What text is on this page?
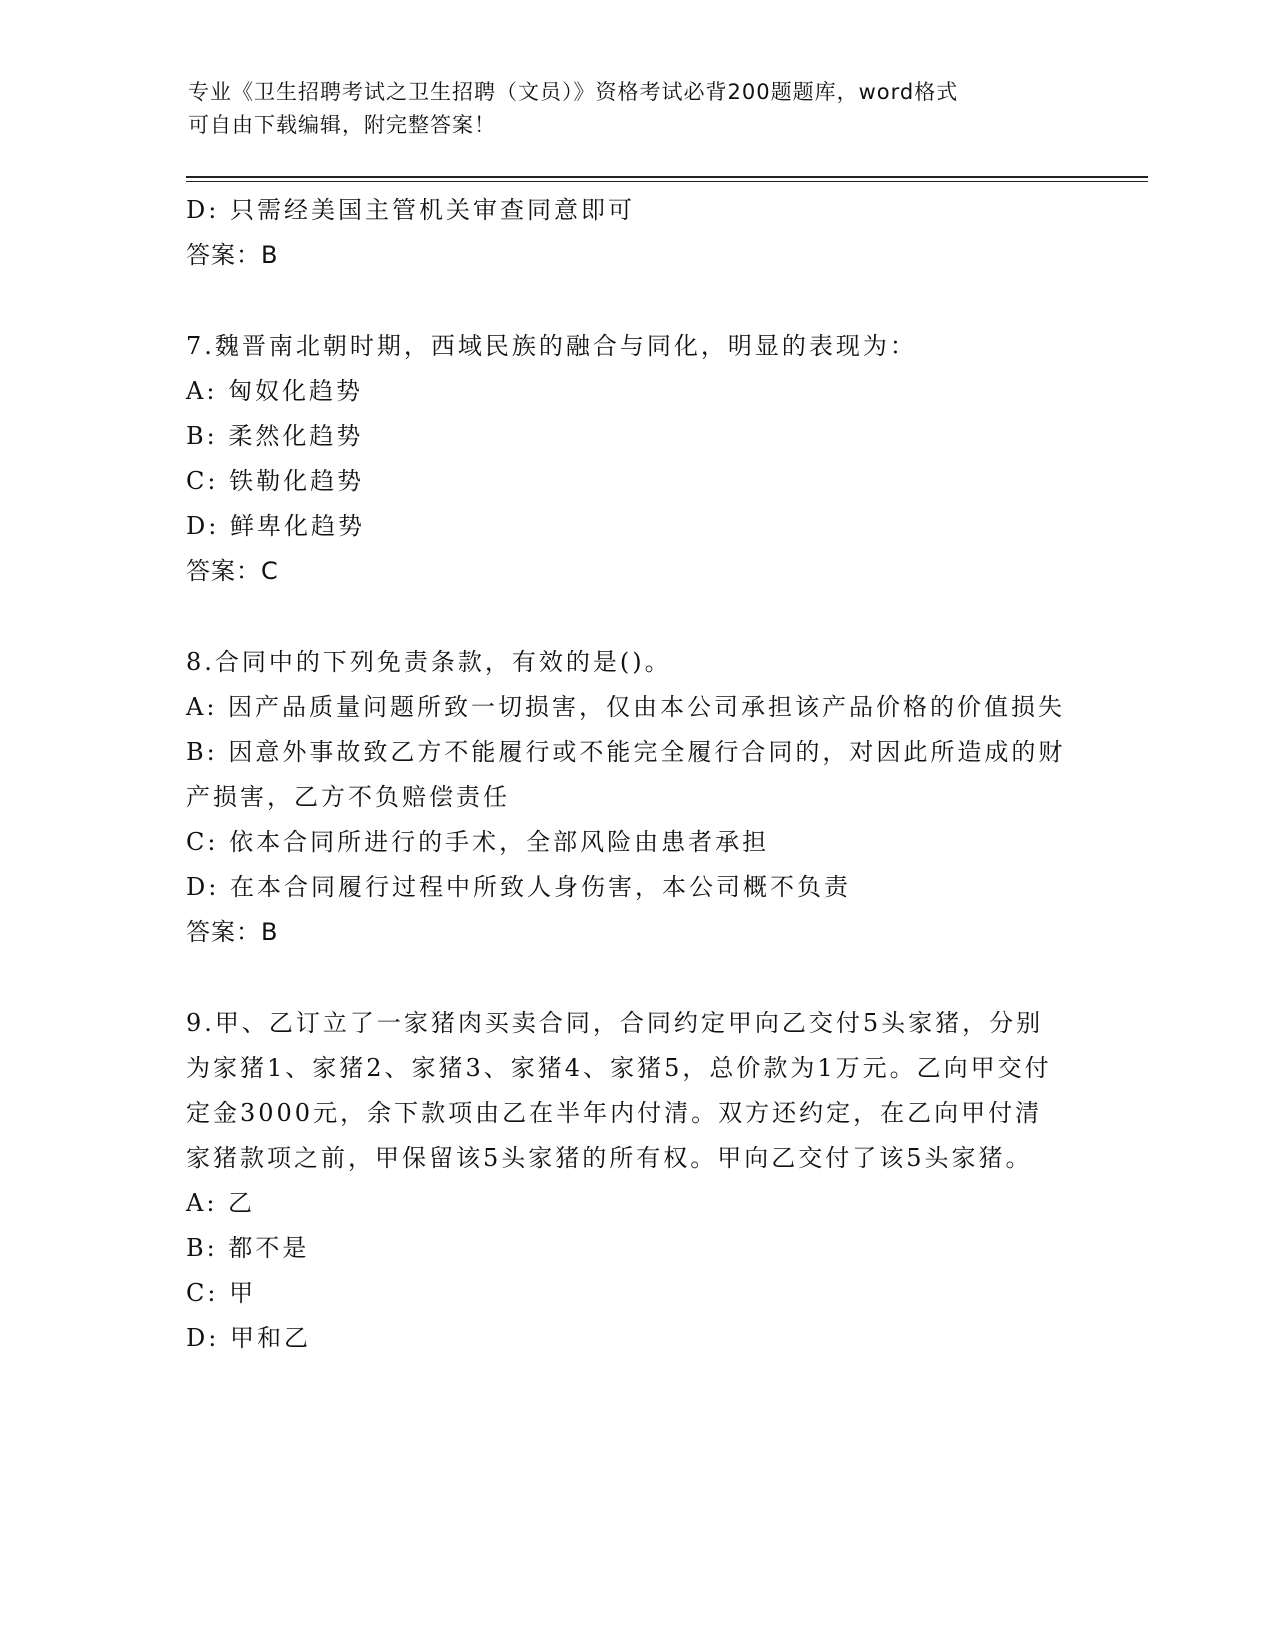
专业《卫生招聘考试之卫生招聘（文员）》资格考试必背200题题库，word格式
可自由下载编辑，附完整答案！
D: 只需经美国主管机关审查同意即可
答案：B
7.魏晋南北朝时期，西域民族的融合与同化，明显的表现为：
A: 匈奴化趋势
B: 柔然化趋势
C: 铁勒化趋势
D: 鲜卑化趋势
答案：C
8.合同中的下列免责条款，有效的是()。
A: 因产品质量问题所致一切损害，仅由本公司承担该产品价格的价值损失
B: 因意外事故致乙方不能履行或不能完全履行合同的，对因此所造成的财产损害，乙方不负赔偿责任
C: 依本合同所进行的手术，全部风险由患者承担
D: 在本合同履行过程中所致人身伤害，本公司概不负责
答案：B
9.甲、乙订立了一家猪肉买卖合同，合同约定甲向乙交付5头家猪，分别为家猪1、家猪2、家猪3、家猪4、家猪5，总价款为1万元。乙向甲交付定金3000元，余下款项由乙在半年内付清。双方还约定，在乙向甲付清家猪款项之前，甲保留该5头家猪的所有权。甲向乙交付了该5头家猪。
A: 乙
B: 都不是
C: 甲
D: 甲和乙
